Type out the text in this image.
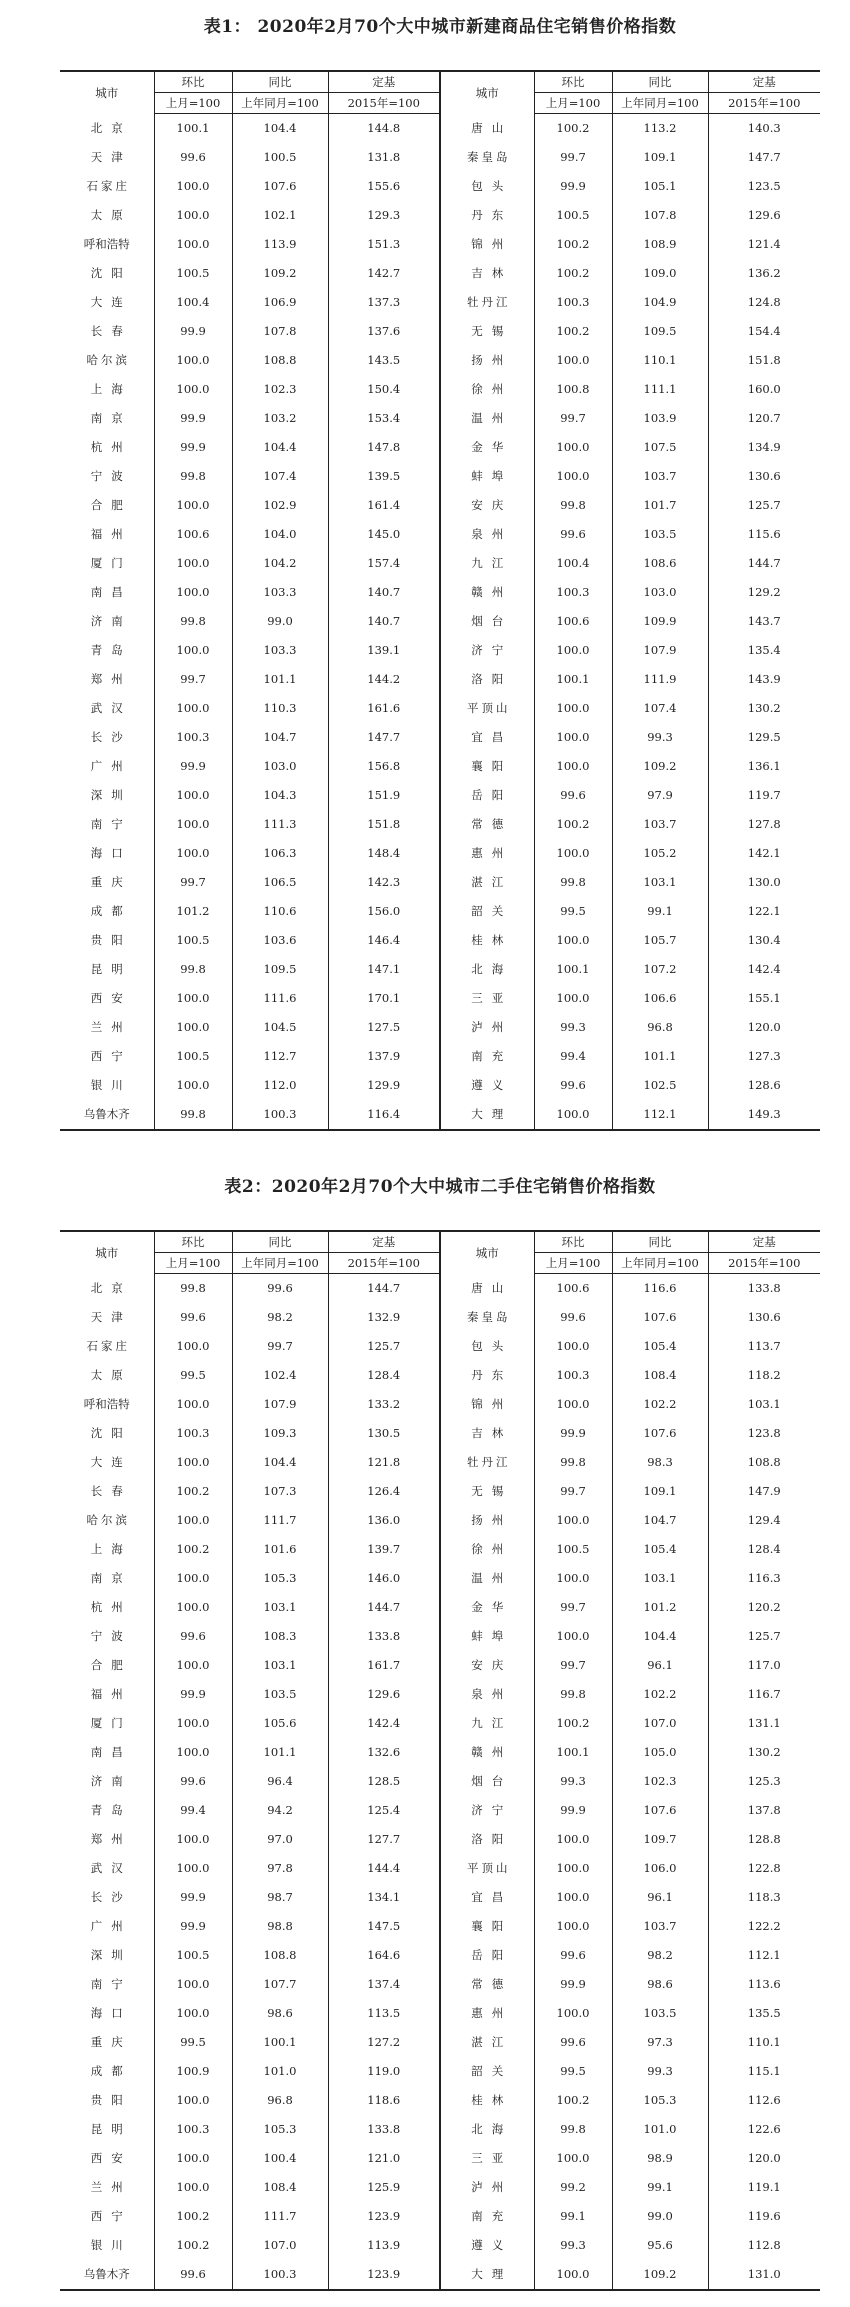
表1： 2020年2月70个大中城市新建商品住宅销售价格指数
城市	环比	同比	定基	城市	环比	同比	定基
	上月=100	上年同月=100	2015年=100		上月=100	上年同月=100	2015年=100
北京	100.1	104.4	144.8	唐山	100.2	113.2	140.3
天津	99.6	100.5	131.8	秦皇岛	99.7	109.1	147.7
石家庄	100.0	107.6	155.6	包头	99.9	105.1	123.5
太原	100.0	102.1	129.3	丹东	100.5	107.8	129.6
呼和浩特	100.0	113.9	151.3	锦州	100.2	108.9	121.4
沈阳	100.5	109.2	142.7	吉林	100.2	109.0	136.2
大连	100.4	106.9	137.3	牡丹江	100.3	104.9	124.8
长春	99.9	107.8	137.6	无锡	100.2	109.5	154.4
哈尔滨	100.0	108.8	143.5	扬州	100.0	110.1	151.8
上海	100.0	102.3	150.4	徐州	100.8	111.1	160.0
南京	99.9	103.2	153.4	温州	99.7	103.9	120.7
杭州	99.9	104.4	147.8	金华	100.0	107.5	134.9
宁波	99.8	107.4	139.5	蚌埠	100.0	103.7	130.6
合肥	100.0	102.9	161.4	安庆	99.8	101.7	125.7
福州	100.6	104.0	145.0	泉州	99.6	103.5	115.6
厦门	100.0	104.2	157.4	九江	100.4	108.6	144.7
南昌	100.0	103.3	140.7	赣州	100.3	103.0	129.2
济南	99.8	99.0	140.7	烟台	100.6	109.9	143.7
青岛	100.0	103.3	139.1	济宁	100.0	107.9	135.4
郑州	99.7	101.1	144.2	洛阳	100.1	111.9	143.9
武汉	100.0	110.3	161.6	平顶山	100.0	107.4	130.2
长沙	100.3	104.7	147.7	宜昌	100.0	99.3	129.5
广州	99.9	103.0	156.8	襄阳	100.0	109.2	136.1
深圳	100.0	104.3	151.9	岳阳	99.6	97.9	119.7
南宁	100.0	111.3	151.8	常德	100.2	103.7	127.8
海口	100.0	106.3	148.4	惠州	100.0	105.2	142.1
重庆	99.7	106.5	142.3	湛江	99.8	103.1	130.0
成都	101.2	110.6	156.0	韶关	99.5	99.1	122.1
贵阳	100.5	103.6	146.4	桂林	100.0	105.7	130.4
昆明	99.8	109.5	147.1	北海	100.1	107.2	142.4
西安	100.0	111.6	170.1	三亚	100.0	106.6	155.1
兰州	100.0	104.5	127.5	泸州	99.3	96.8	120.0
西宁	100.5	112.7	137.9	南充	99.4	101.1	127.3
银川	100.0	112.0	129.9	遵义	99.6	102.5	128.6
乌鲁木齐	99.8	100.3	116.4	大理	100.0	112.1	149.3
表2：2020年2月70个大中城市二手住宅销售价格指数
城市	环比	同比	定基	城市	环比	同比	定基
	上月=100	上年同月=100	2015年=100		上月=100	上年同月=100	2015年=100
北京	99.8	99.6	144.7	唐山	100.6	116.6	133.8
天津	99.6	98.2	132.9	秦皇岛	99.6	107.6	130.6
石家庄	100.0	99.7	125.7	包头	100.0	105.4	113.7
太原	99.5	102.4	128.4	丹东	100.3	108.4	118.2
呼和浩特	100.0	107.9	133.2	锦州	100.0	102.2	103.1
沈阳	100.3	109.3	130.5	吉林	99.9	107.6	123.8
大连	100.0	104.4	121.8	牡丹江	99.8	98.3	108.8
长春	100.2	107.3	126.4	无锡	99.7	109.1	147.9
哈尔滨	100.0	111.7	136.0	扬州	100.0	104.7	129.4
上海	100.2	101.6	139.7	徐州	100.5	105.4	128.4
南京	100.0	105.3	146.0	温州	100.0	103.1	116.3
杭州	100.0	103.1	144.7	金华	99.7	101.2	120.2
宁波	99.6	108.3	133.8	蚌埠	100.0	104.4	125.7
合肥	100.0	103.1	161.7	安庆	99.7	96.1	117.0
福州	99.9	103.5	129.6	泉州	99.8	102.2	116.7
厦门	100.0	105.6	142.4	九江	100.2	107.0	131.1
南昌	100.0	101.1	132.6	赣州	100.1	105.0	130.2
济南	99.6	96.4	128.5	烟台	99.3	102.3	125.3
青岛	99.4	94.2	125.4	济宁	99.9	107.6	137.8
郑州	100.0	97.0	127.7	洛阳	100.0	109.7	128.8
武汉	100.0	97.8	144.4	平顶山	100.0	106.0	122.8
长沙	99.9	98.7	134.1	宜昌	100.0	96.1	118.3
广州	99.9	98.8	147.5	襄阳	100.0	103.7	122.2
深圳	100.5	108.8	164.6	岳阳	99.6	98.2	112.1
南宁	100.0	107.7	137.4	常德	99.9	98.6	113.6
海口	100.0	98.6	113.5	惠州	100.0	103.5	135.5
重庆	99.5	100.1	127.2	湛江	99.6	97.3	110.1
成都	100.9	101.0	119.0	韶关	99.5	99.3	115.1
贵阳	100.0	96.8	118.6	桂林	100.2	105.3	112.6
昆明	100.3	105.3	133.8	北海	99.8	101.0	122.6
西安	100.0	100.4	121.0	三亚	100.0	98.9	120.0
兰州	100.0	108.4	125.9	泸州	99.2	99.1	119.1
西宁	100.2	111.7	123.9	南充	99.1	99.0	119.6
银川	100.2	107.0	113.9	遵义	99.3	95.6	112.8
乌鲁木齐	99.6	100.3	123.9	大理	100.0	109.2	131.0
